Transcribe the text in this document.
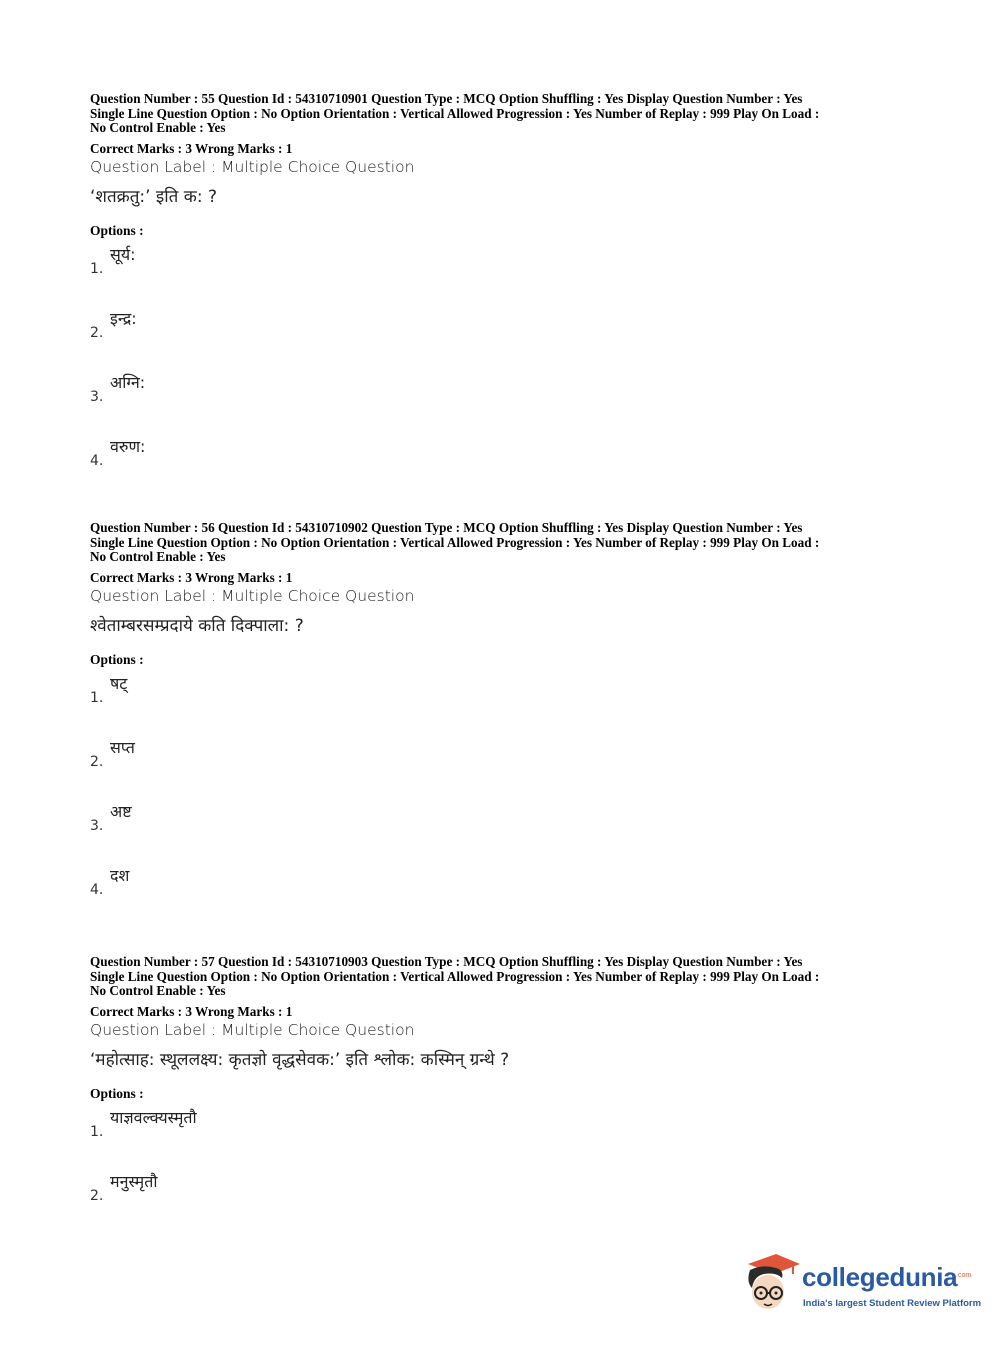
Question Number : 55 Question Id : 54310710901 Question Type : MCQ Option Shuffling : Yes Display Question Number : Yes

Single Line Question Option : No Option Orientation : Vertical Allowed Progression : Yes Number of Replay : 999 Play On Load :

No Control Enable : Yes

Correct Marks : 3 Wrong Marks : 1
Question Label : Multiple Choice Question
‘शतक्रतु:’ इति क: ?
Options :
1.
सूर्य:
2.
इन्द्र:
3.
अग्नि:
4.
वरुण:

Question Number : 56 Question Id : 54310710902 Question Type : MCQ Option Shuffling : Yes Display Question Number : Yes

Single Line Question Option : No Option Orientation : Vertical Allowed Progression : Yes Number of Replay : 999 Play On Load :

No Control Enable : Yes

Correct Marks : 3 Wrong Marks : 1
Question Label : Multiple Choice Question
श्वेताम्बरसम्प्रदाये कति दिक्पाला: ?
Options :
1.
षट्
2.
सप्त
3.
अष्ट
4.
दश

Question Number : 57 Question Id : 54310710903 Question Type : MCQ Option Shuffling : Yes Display Question Number : Yes

Single Line Question Option : No Option Orientation : Vertical Allowed Progression : Yes Number of Replay : 999 Play On Load :

No Control Enable : Yes

Correct Marks : 3 Wrong Marks : 1
Question Label : Multiple Choice Question
‘महोत्साह: स्थूललक्ष्य: कृतज्ञो वृद्धसेवक:’ इति श्लोक: कस्मिन् ग्रन्थे ?
Options :
1.
याज्ञवल्क्यस्मृतौ
2.
मनुस्मृतौ
collegedunia
.com
India's largest Student Review Platform
